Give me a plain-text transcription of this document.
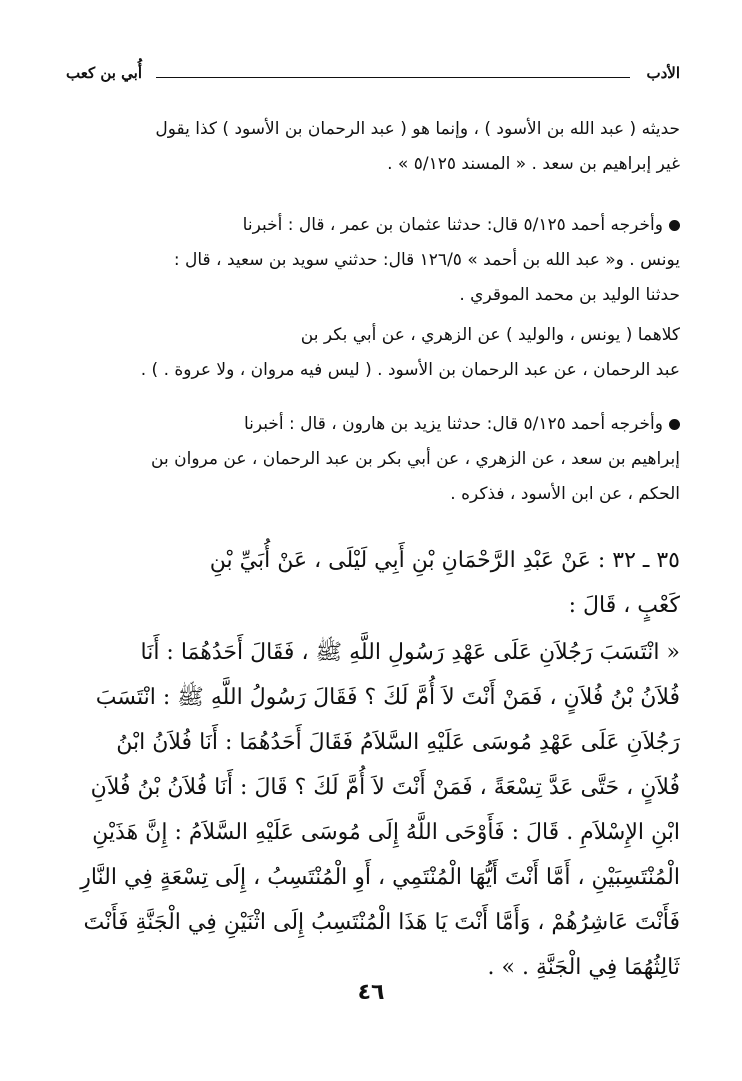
الأدب
أُبي بن كعب
حديثه ( عبد الله بن الأسود ) ، وإنما هو ( عبد الرحمان بن الأسود ) كذا يقول
غير إبراهيم بن سعد . « المسند ٥/١٢٥ » .
وأخرجه أحمد ٥/١٢٥ قال: حدثنا عثمان بن عمر ، قال : أخبرنا
يونس . و« عبد الله بن أحمد » ١٢٦/٥ قال: حدثني سويد بن سعيد ، قال :
حدثنا الوليد بن محمد الموقري .
كلاهما ( يونس ، والوليد ) عن الزهري ، عن أبي بكر بن
عبد الرحمان ، عن عبد الرحمان بن الأسود . ( ليس فيه مروان ، ولا عروة . ) .
وأخرجه أحمد ٥/١٢٥ قال: حدثنا يزيد بن هارون ، قال : أخبرنا
إبراهيم بن سعد ، عن الزهري ، عن أبي بكر بن عبد الرحمان ، عن مروان بن
الحكم ، عن ابن الأسود ، فذكره .
٣٥ ـ ٣٢ : عَنْ عَبْدِ الرَّحْمَانِ بْنِ أَبِي لَيْلَى ، عَنْ أُبَيِّ بْنِ
كَعْبٍ ، قَالَ :
« انْتَسَبَ رَجُلاَنِ عَلَى عَهْدِ رَسُولِ اللَّهِ ﷺ ، فَقَالَ أَحَدُهُمَا : أَنَا
فُلاَنُ بْنُ فُلاَنٍ ، فَمَنْ أَنْتَ لاَ أُمَّ لَكَ ؟ فَقَالَ رَسُولُ اللَّهِ ﷺ : انْتَسَبَ
رَجُلاَنِ عَلَى عَهْدِ مُوسَى عَلَيْهِ السَّلاَمُ فَقَالَ أَحَدُهُمَا : أَنَا فُلاَنُ ابْنُ
فُلاَنٍ ، حَتَّى عَدَّ تِسْعَةً ، فَمَنْ أَنْتَ لاَ أُمَّ لَكَ ؟ قَالَ : أَنَا فُلاَنُ بْنُ فُلاَنِ
ابْنِ الإِسْلاَمِ . قَالَ : فَأَوْحَى اللَّهُ إِلَى مُوسَى عَلَيْهِ السَّلاَمُ : إِنَّ هَذَيْنِ
الْمُنْتَسِبَيْنِ ، أَمَّا أَنْتَ أَيُّهَا الْمُنْتَمِي ، أَوِ الْمُنْتَسِبُ ، إِلَى تِسْعَةٍ فِي النَّارِ
فَأَنْتَ عَاشِرُهُمْ ، وَأَمَّا أَنْتَ يَا هَذَا الْمُنْتَسِبُ إِلَى اثْنَيْنِ فِي الْجَنَّةِ فَأَنْتَ
ثَالِثُهُمَا فِي الْجَنَّةِ . » .
٤٦
